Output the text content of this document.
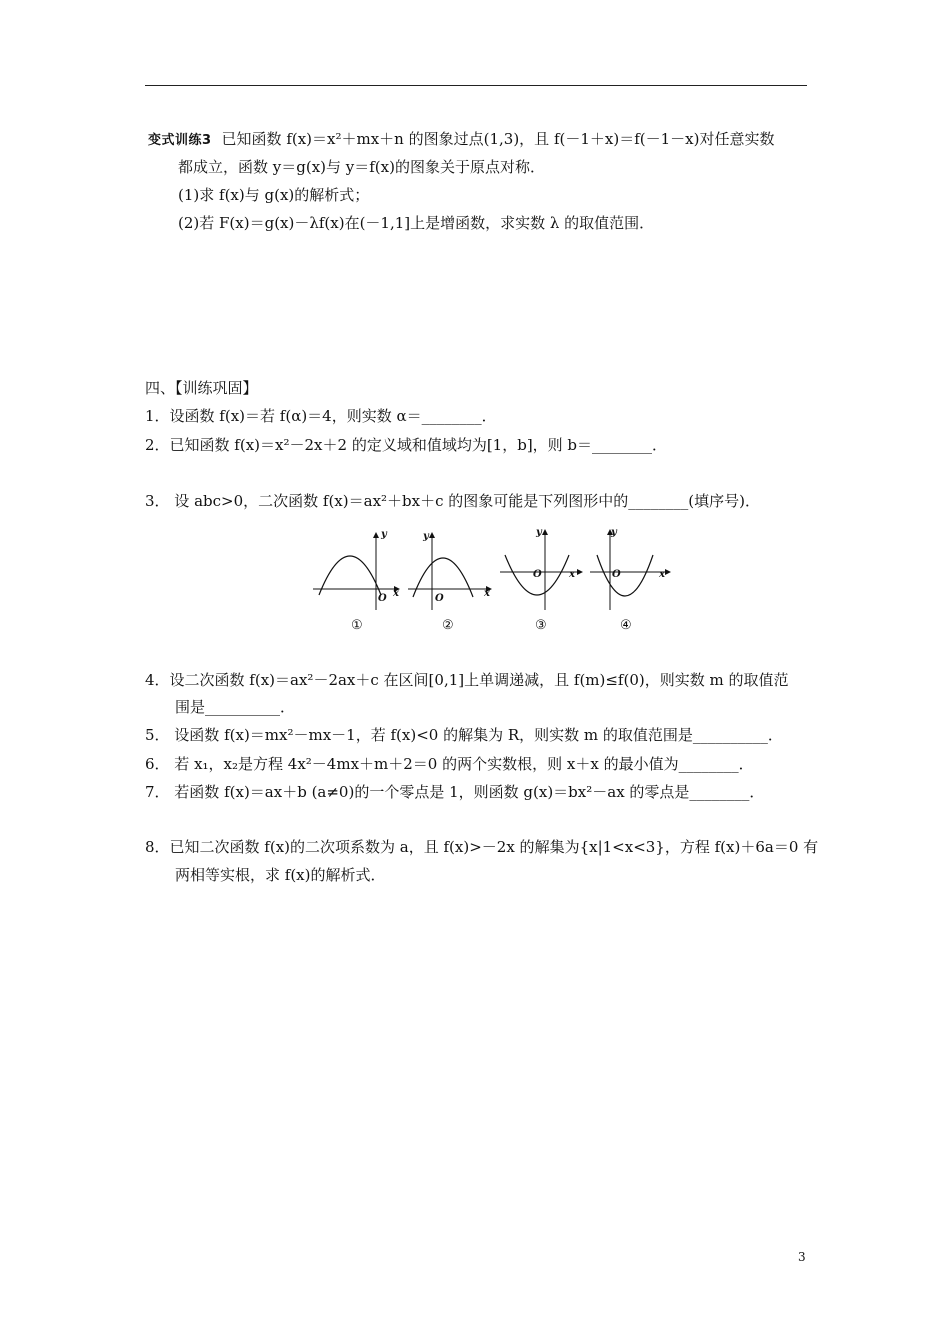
变式训练3 已知函数 f(x)＝x²＋mx＋n 的图象过点(1,3)，且 f(－1＋x)＝f(－1－x)对任意实数
都成立，函数 y＝g(x)与 y＝f(x)的图象关于原点对称．
(1)求 f(x)与 g(x)的解析式；
(2)若 F(x)＝g(x)－λf(x)在(－1,1]上是增函数，求实数 λ 的取值范围．
四、【训练巩固】
1．设函数 f(x)＝若 f(α)＝4，则实数 α＝________．
2．已知函数 f(x)＝x²－2x＋2 的定义域和值域均为[1，b]，则 b＝________．
3． 设 abc>0，二次函数 f(x)＝ax²＋bx＋c 的图象可能是下列图形中的________(填序号)．
y
x
O
①
y
x
O
②
y
x
O
③
y
x
O
④
4．设二次函数 f(x)＝ax²－2ax＋c 在区间[0,1]上单调递减，且 f(m)≤f(0)，则实数 m 的取值范
围是__________．
5． 设函数 f(x)＝mx²－mx－1，若 f(x)<0 的解集为 R，则实数 m 的取值范围是__________．
6． 若 x₁，x₂是方程 4x²－4mx＋m＋2＝0 的两个实数根，则 x＋x 的最小值为________．
7． 若函数 f(x)＝ax＋b (a≠0)的一个零点是 1，则函数 g(x)＝bx²－ax 的零点是________．
8．已知二次函数 f(x)的二次项系数为 a，且 f(x)>－2x 的解集为{x|1<x<3}，方程 f(x)＋6a＝0 有
两相等实根，求 f(x)的解析式．
3
